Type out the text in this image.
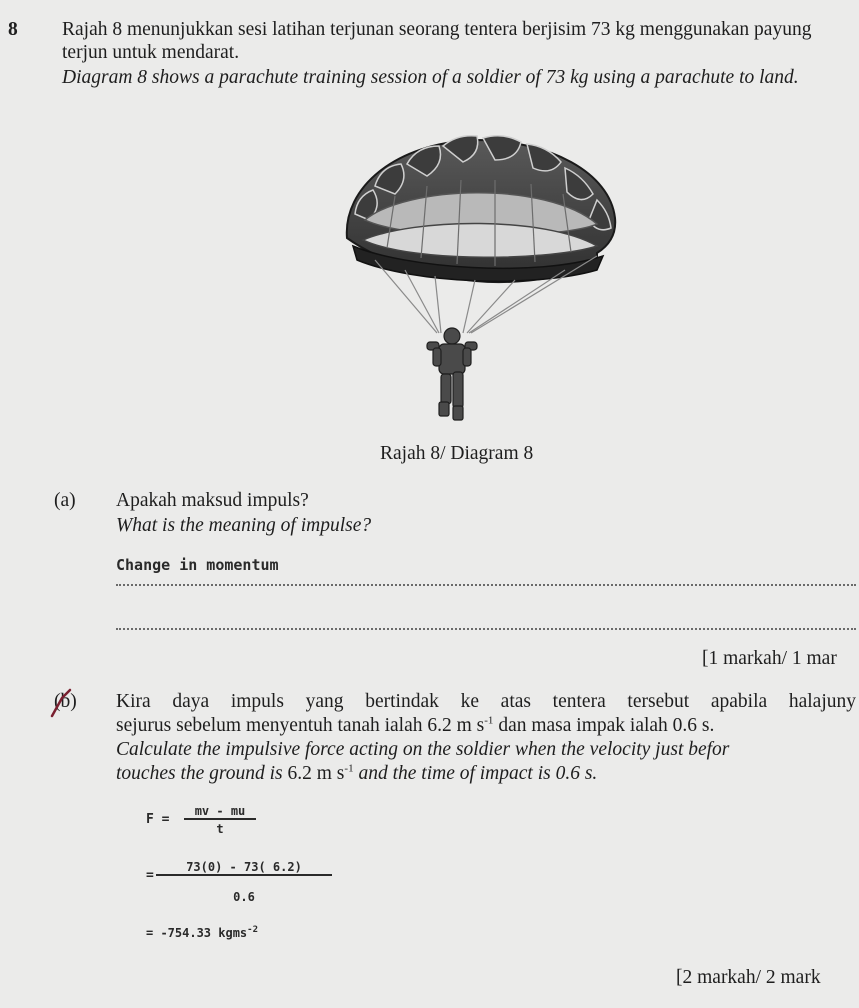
8 Rajah 8 menunjukkan sesi latihan terjunan seorang tentera berjisim 73 kg menggunakan payung terjun untuk mendarat.
Diagram 8 shows a parachute training session of a soldier of 73 kg using a parachute to land.
Rajah 8/ Diagram 8
(a) Apakah maksud impuls?
What is the meaning of impulse?
Change in momentum
[1 markah/ 1 mar
(b) Kira daya impuls yang bertindak ke atas tentera tersebut apabila halajuny
sejurus sebelum menyentuh tanah ialah 6.2 m $s^{-1}$ dan masa impak ialah 0.6 s.
Calculate the impulsive force acting on the soldier when the velocity just befor
touches the ground is 6.2 m $s^{-1}$ and the time of impact is 0.6 s.
F =
mv - mu
t
=
73(0) - 73( 6.2)
0.6
= -754.33 kgms$^{-2}$
[2 markah/ 2 mark
